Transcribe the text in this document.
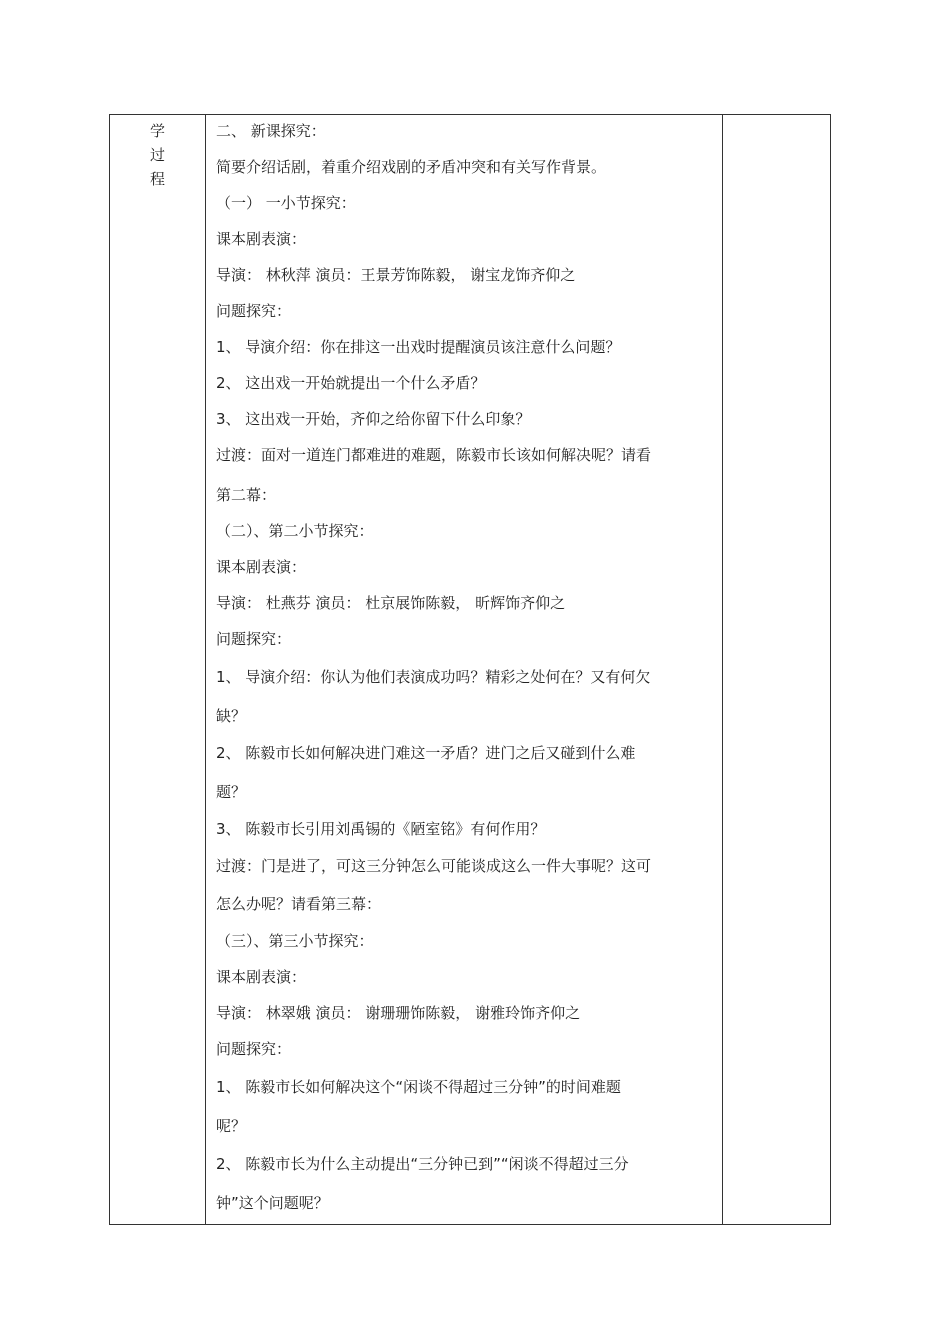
学
过
程
二、 新课探究：
简要介绍话剧，着重介绍戏剧的矛盾冲突和有关写作背景。
（一） 一小节探究：
课本剧表演：
导演： 林秋萍 演员：王景芳饰陈毅， 谢宝龙饰齐仰之
问题探究：
1、 导演介绍：你在排这一出戏时提醒演员该注意什么问题？
2、 这出戏一开始就提出一个什么矛盾？
3、 这出戏一开始，齐仰之给你留下什么印象？
过渡：面对一道连门都难进的难题，陈毅市长该如何解决呢？请看
第二幕：
（二）、第二小节探究：
课本剧表演：
导演： 杜燕芬 演员： 杜京展饰陈毅， 昕辉饰齐仰之
问题探究：
1、 导演介绍：你认为他们表演成功吗？精彩之处何在？又有何欠
缺？
2、 陈毅市长如何解决进门难这一矛盾？进门之后又碰到什么难
题？
3、 陈毅市长引用刘禹锡的《陋室铭》有何作用？
过渡：门是进了，可这三分钟怎么可能谈成这么一件大事呢？这可
怎么办呢？请看第三幕：
（三）、第三小节探究：
课本剧表演：
导演： 林翠娥 演员： 谢珊珊饰陈毅， 谢雅玲饰齐仰之
问题探究：
1、 陈毅市长如何解决这个“闲谈不得超过三分钟”的时间难题
呢？
2、 陈毅市长为什么主动提出“三分钟已到”“闲谈不得超过三分
钟”这个问题呢？
